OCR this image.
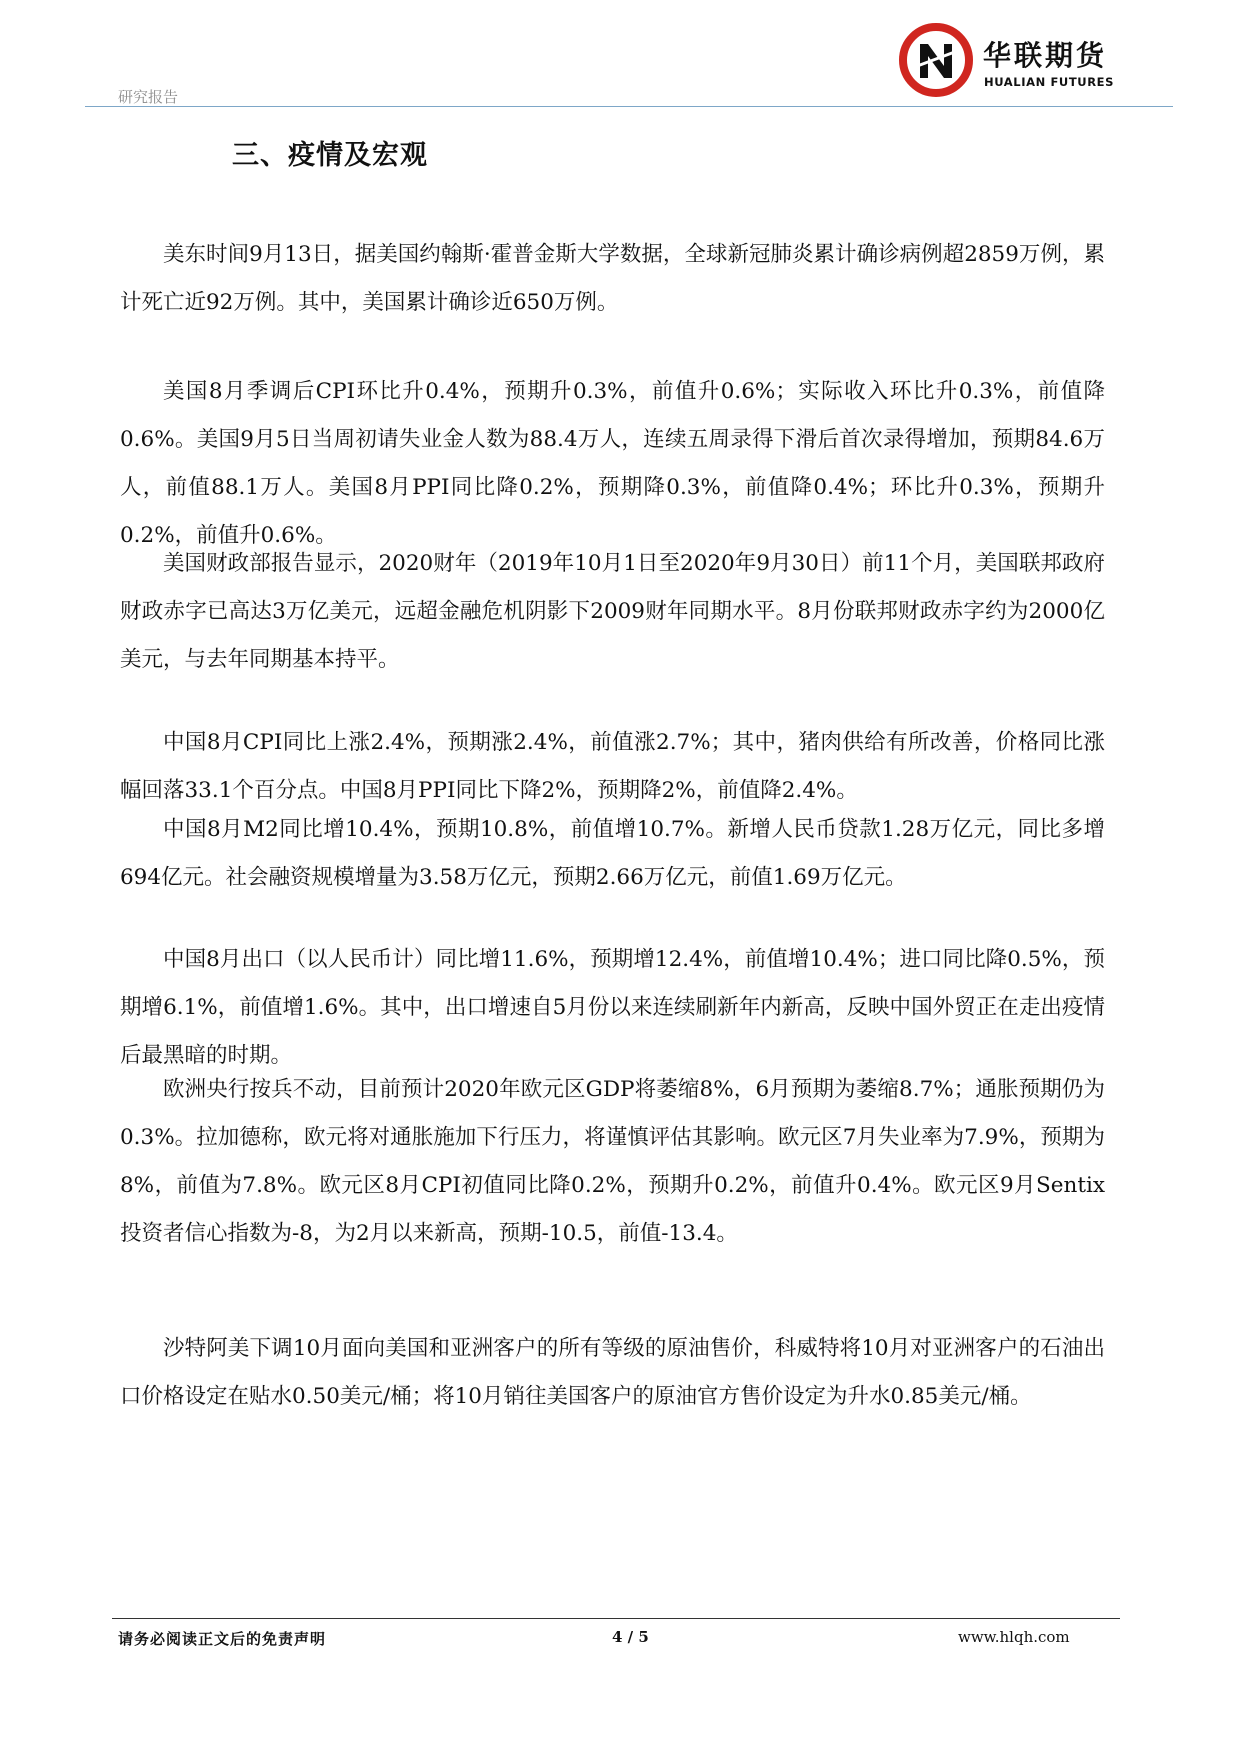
研究报告
华联期货
HUALIAN FUTURES
三、疫情及宏观

美东时间9月13日，据美国约翰斯·霍普金斯大学数据，全球新冠肺炎累计确诊病例超2859万例，累计死亡近92万例。其中，美国累计确诊近650万例。

美国8月季调后CPI环比升0.4%，预期升0.3%，前值升0.6%；实际收入环比升0.3%，前值降0.6%。美国9月5日当周初请失业金人数为88.4万人，连续五周录得下滑后首次录得增加，预期84.6万人，前值88.1万人。美国8月PPI同比降0.2%，预期降0.3%，前值降0.4%；环比升0.3%，预期升0.2%，前值升0.6%。

美国财政部报告显示，2020财年（2019年10月1日至2020年9月30日）前11个月，美国联邦政府财政赤字已高达3万亿美元，远超金融危机阴影下2009财年同期水平。8月份联邦财政赤字约为2000亿美元，与去年同期基本持平。

中国8月CPI同比上涨2.4%，预期涨2.4%，前值涨2.7%；其中，猪肉供给有所改善，价格同比涨幅回落33.1个百分点。中国8月PPI同比下降2%，预期降2%，前值降2.4%。

中国8月M2同比增10.4%，预期10.8%，前值增10.7%。新增人民币贷款1.28万亿元，同比多增694亿元。社会融资规模增量为3.58万亿元，预期2.66万亿元，前值1.69万亿元。

中国8月出口（以人民币计）同比增11.6%，预期增12.4%，前值增10.4%；进口同比降0.5%，预期增6.1%，前值增1.6%。其中，出口增速自5月份以来连续刷新年内新高，反映中国外贸正在走出疫情后最黑暗的时期。

欧洲央行按兵不动，目前预计2020年欧元区GDP将萎缩8%，6月预期为萎缩8.7%；通胀预期仍为0.3%。拉加德称，欧元将对通胀施加下行压力，将谨慎评估其影响。欧元区7月失业率为7.9%，预期为8%，前值为7.8%。欧元区8月CPI初值同比降0.2%，预期升0.2%，前值升0.4%。欧元区9月Sentix投资者信心指数为-8，为2月以来新高，预期-10.5，前值-13.4。

沙特阿美下调10月面向美国和亚洲客户的所有等级的原油售价，科威特将10月对亚洲客户的石油出口价格设定在贴水0.50美元/桶；将10月销往美国客户的原油官方售价设定为升水0.85美元/桶。

请务必阅读正文后的免责声明	4 / 5	www.hlqh.com
